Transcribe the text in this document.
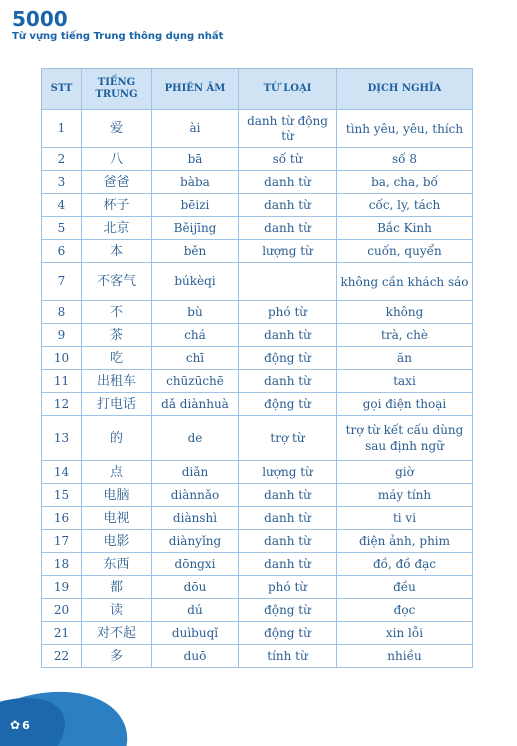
5000
Từ vựng tiếng Trung thông dụng nhất
STT	TIẾNG TRUNG	PHIÊN ÂM	TỪ LOẠI	DỊCH NGHĨA
1	爱	ài	danh từ động từ	tình yêu, yêu, thích
2	八	bā	số từ	số 8
3	爸爸	bàba	danh từ	ba, cha, bố
4	杯子	bēizi	danh từ	cốc, ly, tách
5	北京	Běijīng	danh từ	Bắc Kinh
6	本	běn	lượng từ	cuốn, quyển
7	不客气	búkèqi		không cần khách sáo
8	不	bù	phó từ	không
9	茶	chá	danh từ	trà, chè
10	吃	chī	động từ	ăn
11	出租车	chūzūchē	danh từ	taxi
12	打电话	dǎ diànhuà	động từ	gọi điện thoại
13	的	de	trợ từ	trợ từ kết cấu dùng sau định ngữ
14	点	diǎn	lượng từ	giờ
15	电脑	diànnǎo	danh từ	máy tính
16	电视	diànshì	danh từ	ti vi
17	电影	diànyǐng	danh từ	điện ảnh, phim
18	东西	dōngxi	danh từ	đồ, đồ đạc
19	都	dōu	phó từ	đều
20	读	dú	động từ	đọc
21	对不起	duìbuqǐ	động từ	xin lỗi
22	多	duō	tính từ	nhiều
✿ 6
